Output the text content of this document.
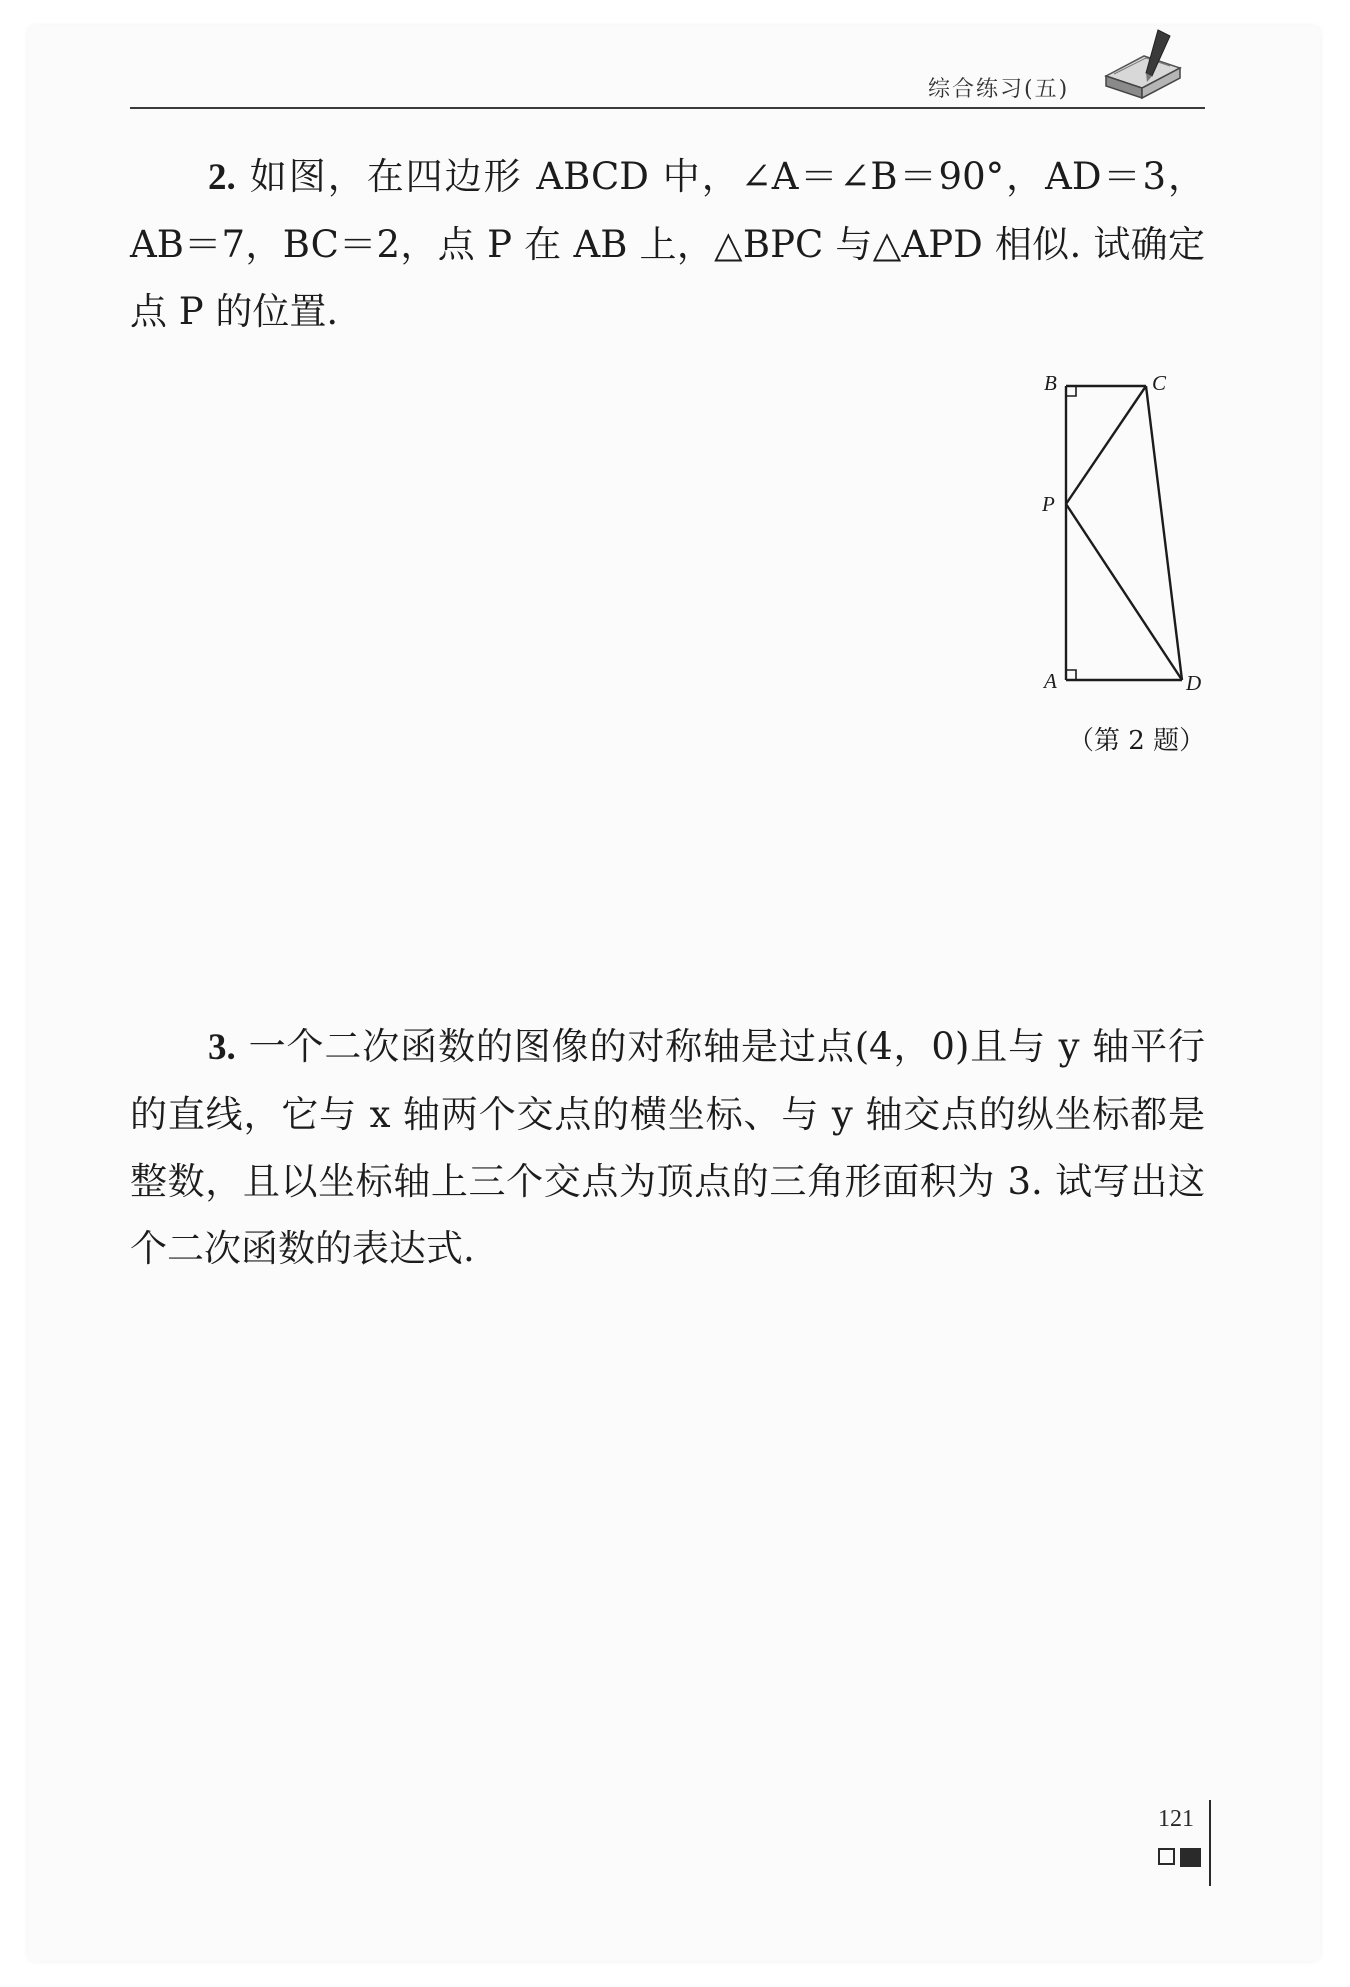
综合练习(五)

2. 如图，在四边形 ABCD 中，∠A＝∠B＝90°，AD＝3，AB＝7，BC＝2，点 P 在 AB 上，△BPC 与△APD 相似. 试确定点 P 的位置.

B	C
P
A	D
（第 2 题）

3. 一个二次函数的图像的对称轴是过点(4，0)且与 y 轴平行的直线，它与 x 轴两个交点的横坐标、与 y 轴交点的纵坐标都是整数，且以坐标轴上三个交点为顶点的三角形面积为 3. 试写出这个二次函数的表达式.

121
